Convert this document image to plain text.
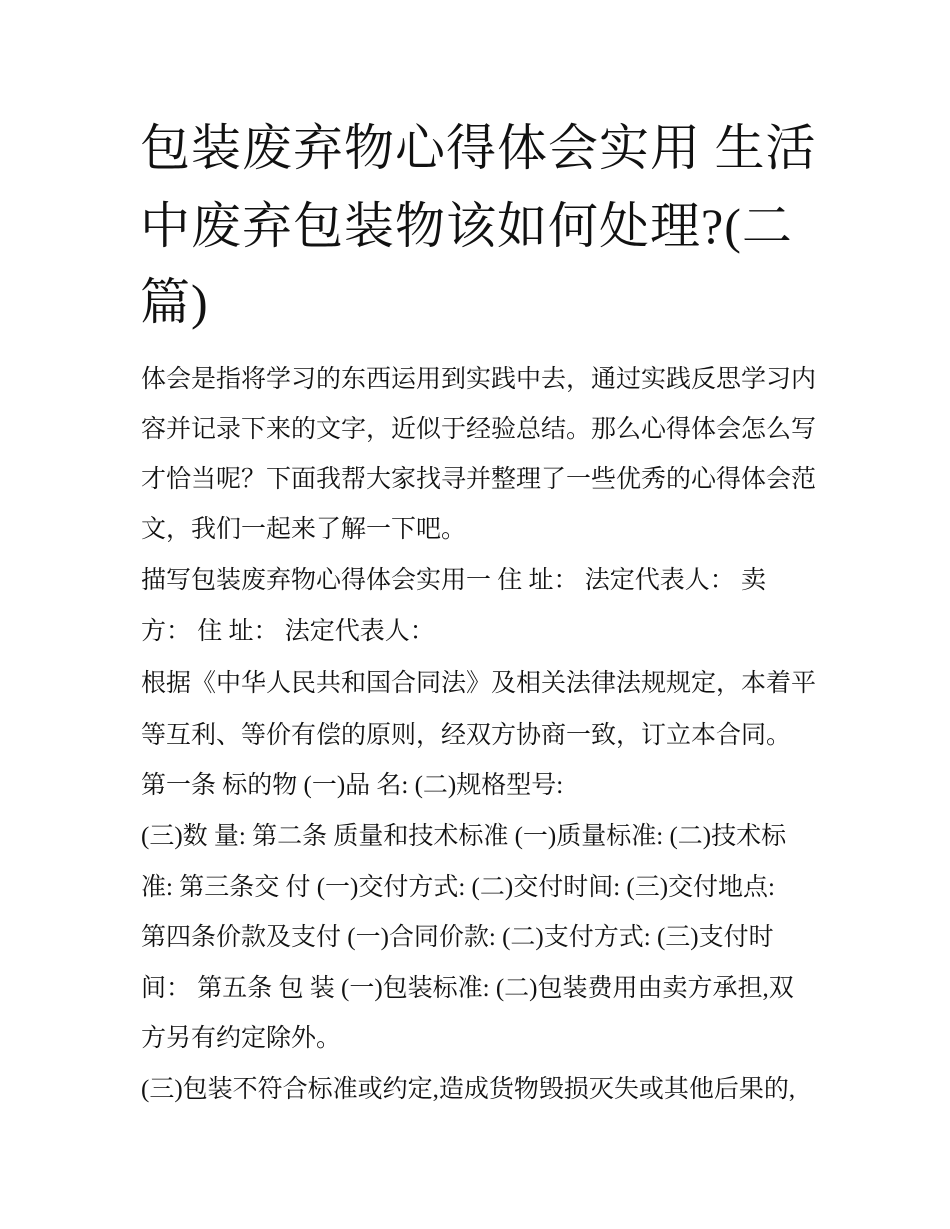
包装废弃物心得体会实用 生活
中废弃包装物该如何处理?(二
篇)
体会是指将学习的东西运用到实践中去，通过实践反思学习内
容并记录下来的文字，近似于经验总结。那么心得体会怎么写
才恰当呢？下面我帮大家找寻并整理了一些优秀的心得体会范
文，我们一起来了解一下吧。
描写包装废弃物心得体会实用一 住 址： 法定代表人： 卖
方： 住 址： 法定代表人：
根据《中华人民共和国合同法》及相关法律法规规定，本着平
等互利、等价有偿的原则，经双方协商一致，订立本合同。
第一条 标的物 (一)品 名: (二)规格型号:
(三)数 量: 第二条 质量和技术标准 (一)质量标准: (二)技术标
准: 第三条交 付 (一)交付方式: (二)交付时间: (三)交付地点:
第四条价款及支付 (一)合同价款: (二)支付方式: (三)支付时
间： 第五条 包 装 (一)包装标准: (二)包装费用由卖方承担,双
方另有约定除外。
(三)包装不符合标准或约定,造成货物毁损灭失或其他后果的,
